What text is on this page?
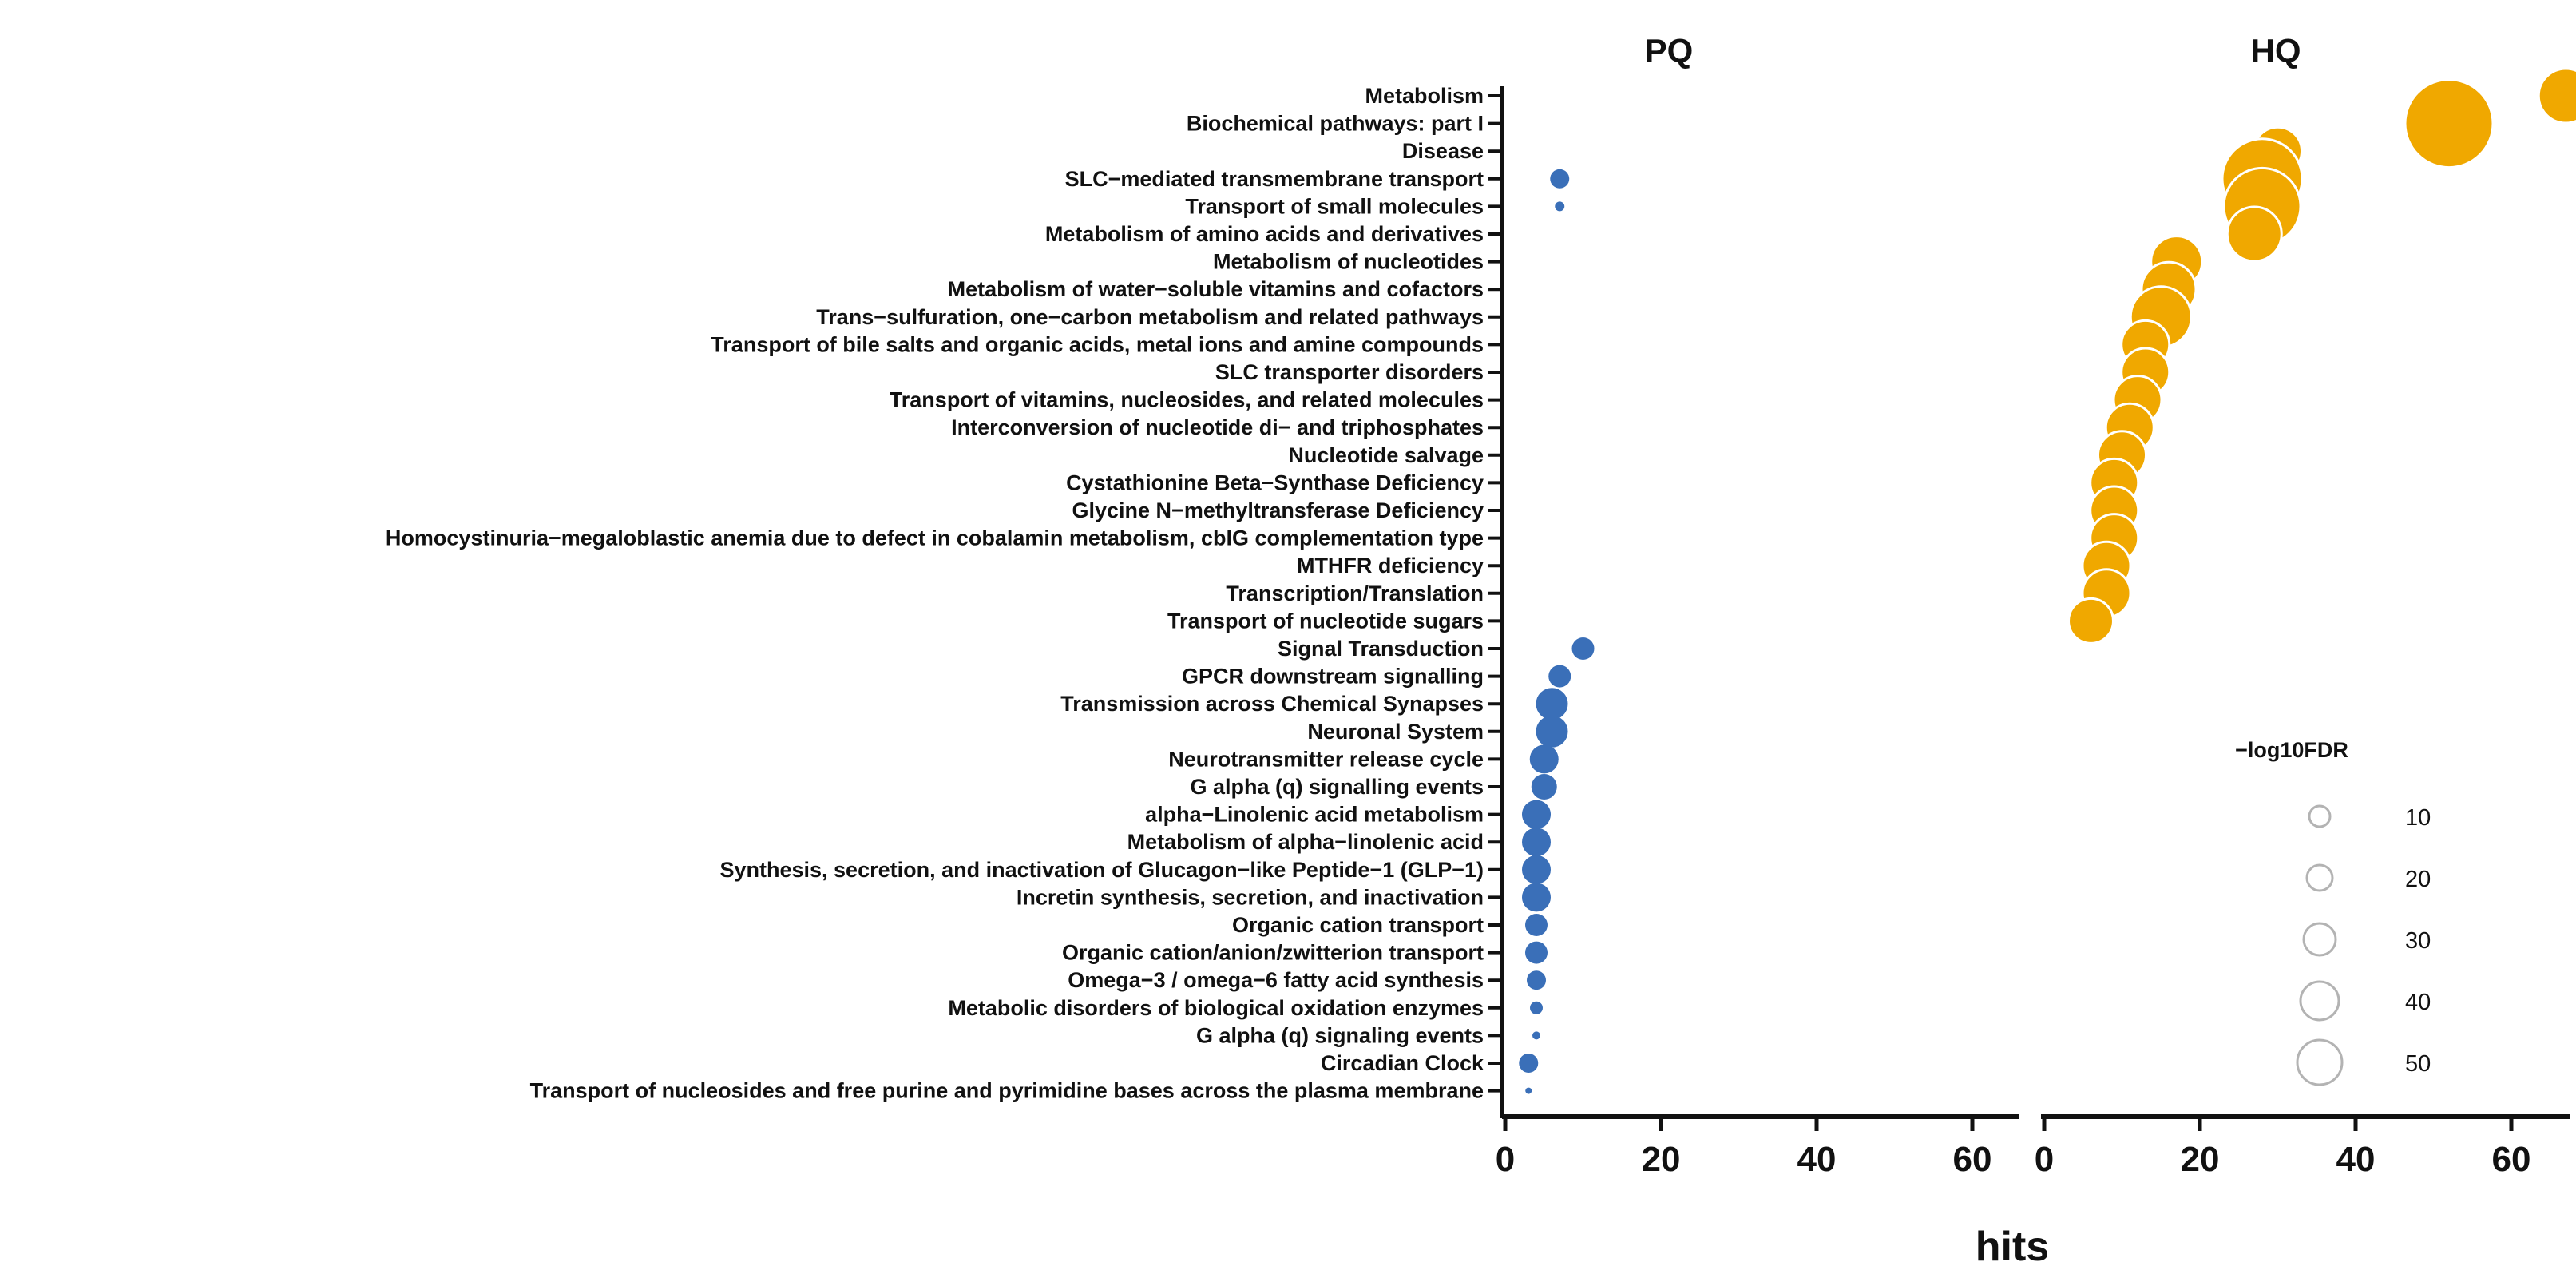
Metabolism
Biochemical pathways: part I
Disease
SLC−mediated transmembrane transport
Transport of small molecules
Metabolism of amino acids and derivatives
Metabolism of nucleotides
Metabolism of water−soluble vitamins and cofactors
Trans−sulfuration, one−carbon metabolism and related pathways
Transport of bile salts and organic acids, metal ions and amine compounds
SLC transporter disorders
Transport of vitamins, nucleosides, and related molecules
Interconversion of nucleotide di− and triphosphates
Nucleotide salvage
Cystathionine Beta−Synthase Deficiency
Glycine N−methyltransferase Deficiency
Homocystinuria−megaloblastic anemia due to defect in cobalamin metabolism, cblG complementation type
MTHFR deficiency
Transcription/Translation
Transport of nucleotide sugars
Signal Transduction
GPCR downstream signalling
Transmission across Chemical Synapses
Neuronal System
Neurotransmitter release cycle
G alpha (q) signalling events
alpha−Linolenic acid metabolism
Metabolism of alpha−linolenic acid
Synthesis, secretion, and inactivation of Glucagon−like Peptide−1 (GLP−1)
Incretin synthesis, secretion, and inactivation
Organic cation transport
Organic cation/anion/zwitterion transport
Omega−3 / omega−6 fatty acid synthesis
Metabolic disorders of biological oxidation enzymes
G alpha (q) signaling events
Circadian Clock
Transport of nucleosides and free purine and pyrimidine bases across the plasma membrane
PQ
0	20	40	60
HQ
0	20	40	60
hits
−log10FDR
10
20
30
40
50
